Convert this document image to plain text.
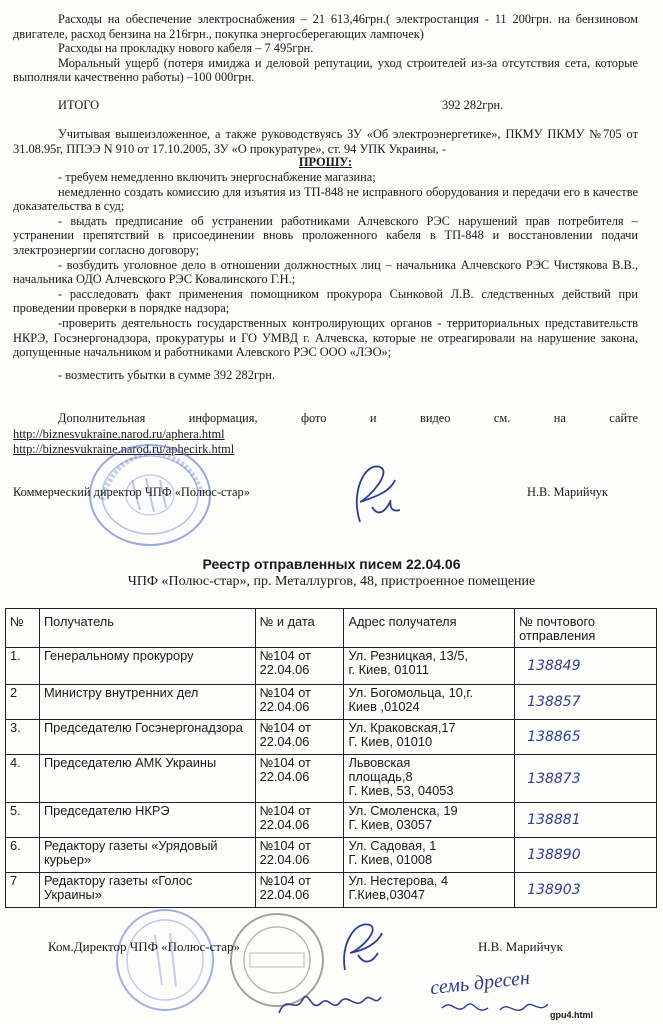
Расходы на обеспечение электроснабжения – 21 613,46грн.( электростанция - 11 200грн. на бензиновом двигателе, расход бензина на 216грн., покупка энергосберегающих лампочек)

Расходы на прокладку нового кабеля – 7 495грн.

Моральный ущерб (потеря имиджа и деловой репутации, уход строителей из-за отсутствия сета, которые выполняли качественно работы) –100 000грн.

ИТОГО	392 282грн.

Учитывая вышеизложенное, а также руководствуясь ЗУ «Об электроэнергетике», ПКМУ ПКМУ №705 от 31.08.95г, ППЭЭ N 910 от 17.10.2005, ЗУ «О прокуратуре», ст. 94 УПК Украины, -

ПРОШУ:

- требуем немедленно включить энергоснабжение магазина;

немедленно создать комиссию для изъятия из ТП-848 не исправного оборудования и передачи его в качестве доказательства в суд;

- выдать предписание об устранении работниками Алчевского РЭС нарушений прав потребителя – устранении препятствий в присоединении вновь проложенного кабеля в ТП-848 и восстановлении подачи электроэнергии согласно договору;

- возбудить уголовное дело в отношении должностных лиц – начальника Алчевского РЭС Чистякова В.В., начальника ОДО Алчевского РЭС Ковалинского Г.Н.;

- расследовать факт применения помощником прокурора Сынковой Л.В. следственных действий при проведении проверки в порядке надзора;

-проверить деятельность государственных контролирующих органов - территориальных представительств НКРЭ, Госэнергонадзора, прокуратуры и ГО УМВД г. Алчевска, которые не отреагировали на нарушение закона, допущенные начальником и работниками Алевского РЭС ООО «ЛЭО»;

- возместить убытки в сумме 392 282грн.

Дополнительная информация, фото и видео см. на сайте
http://biznesvukraine.narod.ru/aphera.html
http://biznesvukraine.narod.ru/aphecirk.html
Коммерческий директор ЧПФ «Полюс-стар»	Н.В. Марийчук
Реестр отправленных писем 22.04.06
ЧПФ «Полюс-стар», пр. Металлургов, 48, пристроенное помещение
№	Получатель	№ и дата	Адрес получателя	№ почтового отправления
1.	Генеральному прокурору	№104 от
22.04.06	Ул. Резницкая, 13/5,
г. Киев, 01011	138849
2	Министру внутренних дел	№104 от
22.04.06	Ул. Богомольца, 10,г.
Киев ,01024	138857
3.	Председателю Госэнергонадзора	№104 от
22.04.06	Ул. Краковская,17
Г. Киев, 01010	138865
4.	Председателю АМК Украины	№104 от
22.04.06	Львовская
площадь,8
Г. Киев, 53, 04053	138873
5.	Председателю НКРЭ	№104 от
22.04.06	Ул. Смоленска, 19
Г. Киев, 03057	138881
6.	Редактору газеты «Урядовый курьер»	№104 от
22.04.06	Ул. Садовая, 1
Г. Киев, 01008	138890
7	Редактору газеты «Голос Украины»	№104 от
22.04.06	Ул. Нестерова, 4
Г.Киев,03047	138903
Ком.Директор ЧПФ «Полюс-стар»	Н.В. Марийчук
семь дресен
gpu4.html
